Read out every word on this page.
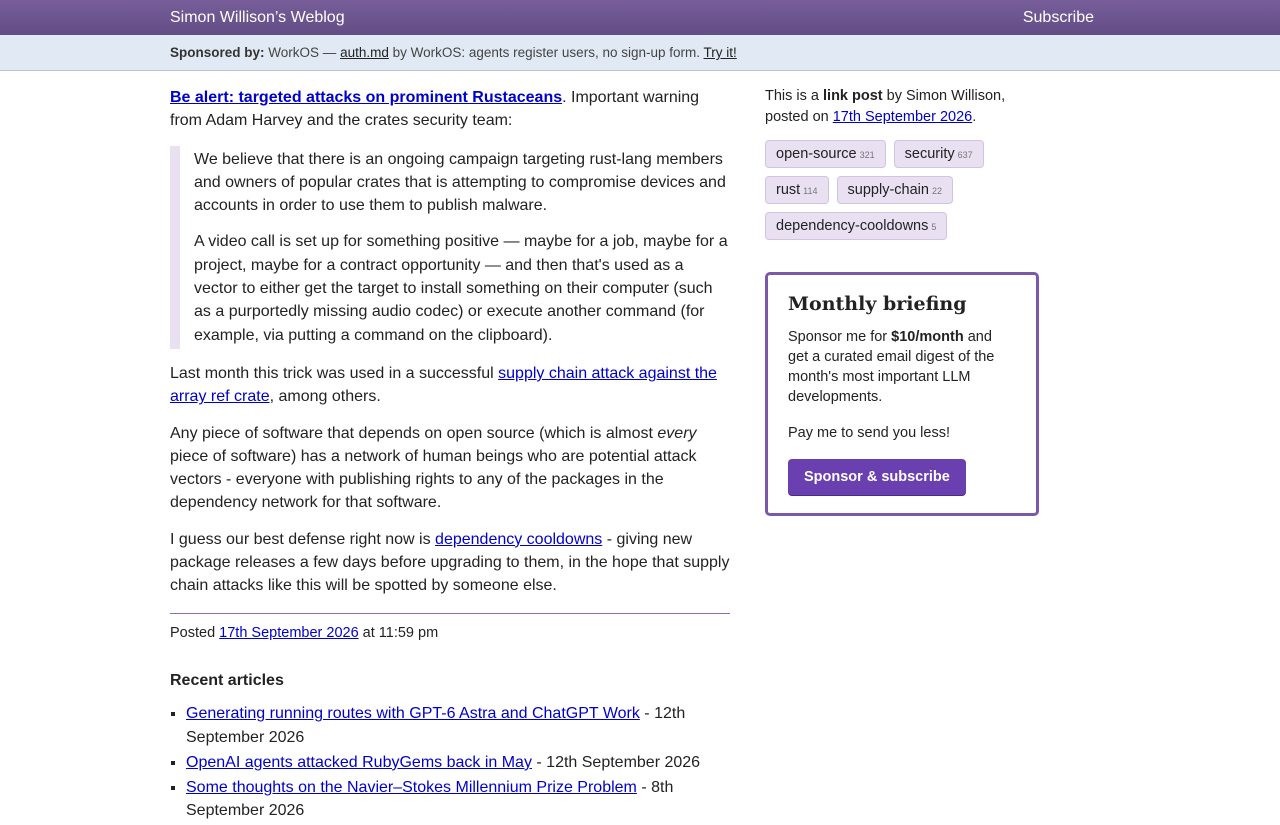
Simon Willison’s Weblog	Subscribe
Sponsored by: WorkOS — auth.md by WorkOS: agents register users, no sign-up form. Try it!

Be alert: targeted attacks on prominent Rustaceans. Important warning from Adam Harvey and the crates security team:

We believe that there is an ongoing campaign targeting rust-lang members and owners of popular crates that is attempting to compromise devices and accounts in order to use them to publish malware.

A video call is set up for something positive — maybe for a job, maybe for a project, maybe for a contract opportunity — and then that's used as a vector to either get the target to install something on their computer (such as a purportedly missing audio codec) or execute another command (for example, via putting a command on the clipboard).

Last month this trick was used in a successful supply chain attack against the array ref crate, among others.

Any piece of software that depends on open source (which is almost every piece of software) has a network of human beings who are potential attack vectors - everyone with publishing rights to any of the packages in the dependency network for that software.

I guess our best defense right now is dependency cooldowns - giving new package releases a few days before upgrading to them, in the hope that supply chain attacks like this will be spotted by someone else.

Posted 17th September 2026 at 11:59 pm
Recent articles
▪ Generating running routes with GPT-6 Astra and ChatGPT Work - 12th September 2026
▪ OpenAI agents attacked RubyGems back in May - 12th September 2026
▪ Some thoughts on the Navier–Stokes Millennium Prize Problem - 8th September 2026

This is a link post by Simon Willison, posted on 17th September 2026.

open-source 321	security 637
rust 114	supply-chain 22
dependency-cooldowns 5
Monthly briefing

Sponsor me for $10/month and get a curated email digest of the month's most important LLM developments.

Pay me to send you less!

Sponsor & subscribe
